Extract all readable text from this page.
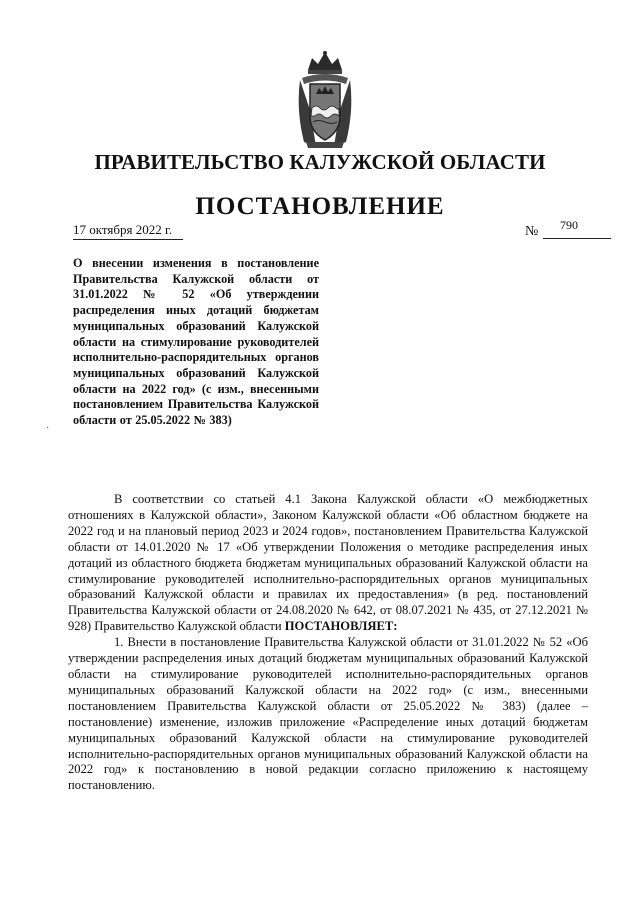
ПРАВИТЕЛЬСТВО КАЛУЖСКОЙ ОБЛАСТИ
ПОСТАНОВЛЕНИЕ
17 октября 2022 г.	№ 790
О внесении изменения в постановление Правительства Калужской области от 31.01.2022 № 52 «Об утверждении распределения иных дотаций бюджетам муниципальных образований Калужской области на стимулирование руководителей исполнительно-распорядительных органов муниципальных образований Калужской области на 2022 год» (с изм., внесенными постановлением Правительства Калужской области от 25.05.2022 № 383)
·

В соответствии со статьей 4.1 Закона Калужской области «О межбюджетных отношениях в Калужской области», Законом Калужской области «Об областном бюджете на 2022 год и на плановый период 2023 и 2024 годов», постановлением Правительства Калужской области от 14.01.2020 № 17 «Об утверждении Положения о методике распределения иных дотаций из областного бюджета бюджетам муниципальных образований Калужской области на стимулирование руководителей исполнительно-распорядительных органов муниципальных образований Калужской области и правилах их предоставления» (в ред. постановлений Правительства Калужской области от 24.08.2020 № 642, от 08.07.2021 № 435, от 27.12.2021 № 928) Правительство Калужской области ПОСТАНОВЛЯЕТ:

1. Внести в постановление Правительства Калужской области от 31.01.2022 № 52 «Об утверждении распределения иных дотаций бюджетам муниципальных образований Калужской области на стимулирование руководителей исполнительно-распорядительных органов муниципальных образований Калужской области на 2022 год» (с изм., внесенными постановлением Правительства Калужской области от 25.05.2022 № 383) (далее – постановление) изменение, изложив приложение «Распределение иных дотаций бюджетам муниципальных образований Калужской области на стимулирование руководителей исполнительно-распорядительных органов муниципальных образований Калужской области на 2022 год» к постановлению в новой редакции согласно приложению к настоящему постановлению.
